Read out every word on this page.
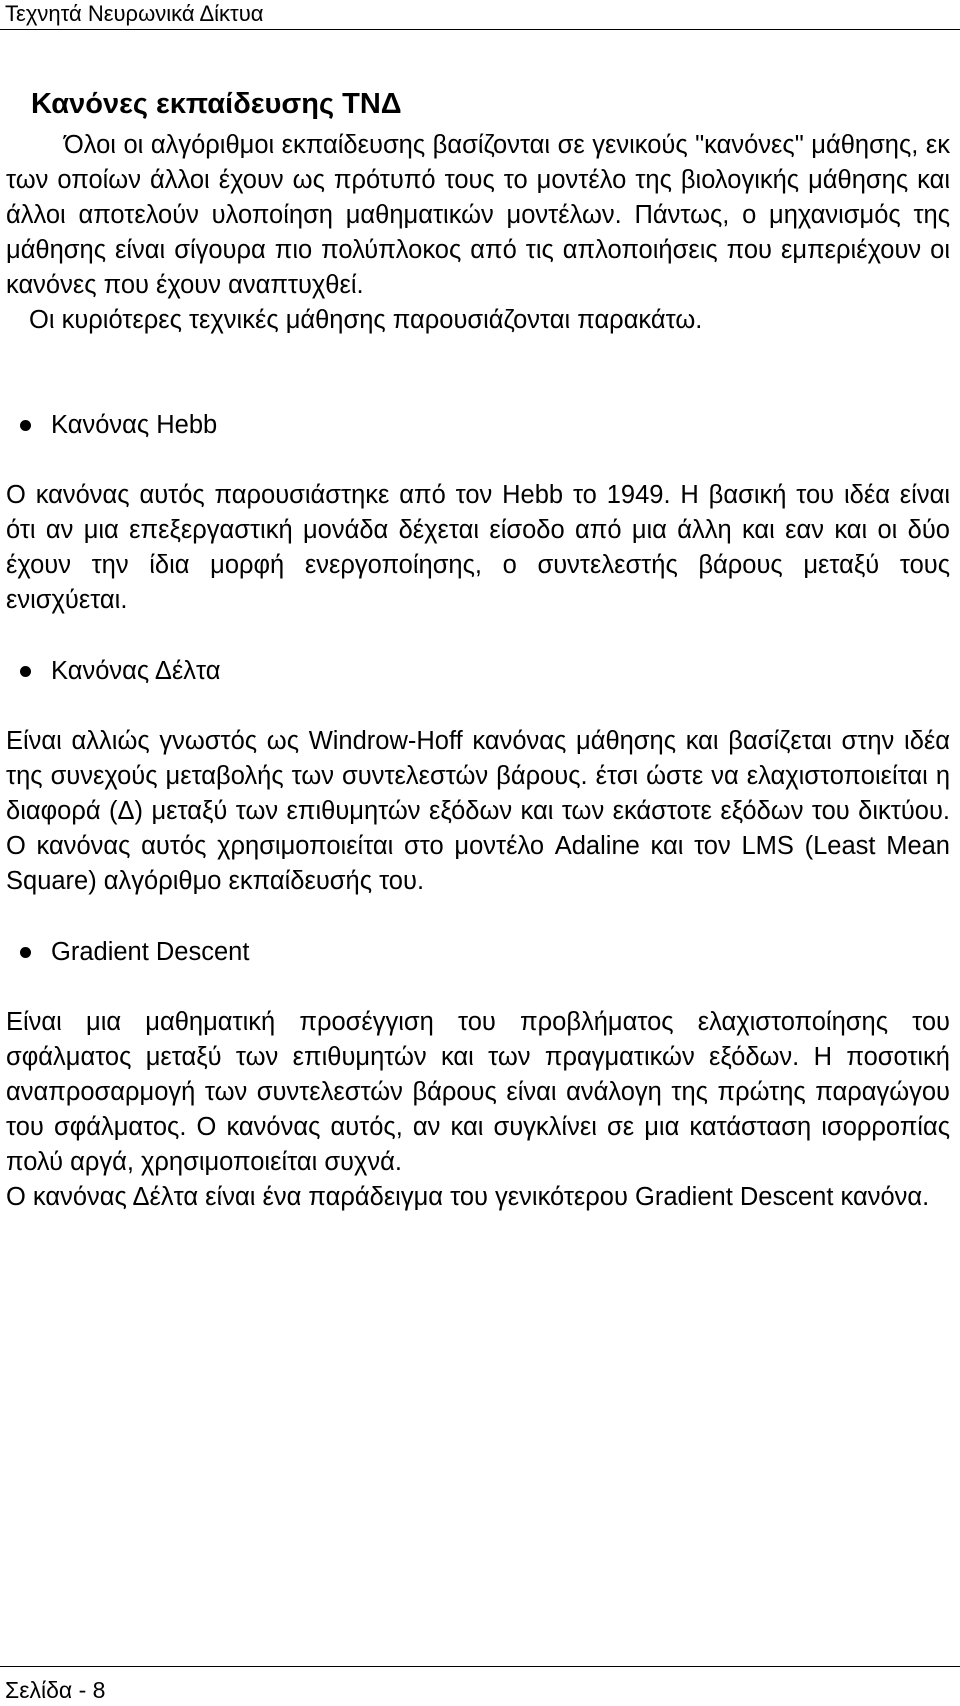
Τεχνητά Νευρωνικά Δίκτυα
Κανόνες εκπαίδευσης ΤΝΔ

Όλοι οι αλγόριθμοι εκπαίδευσης βασίζονται σε γενικούς "κανόνες" μάθησης, εκ των οποίων άλλοι έχουν ως πρότυπό τους το μοντέλο της βιολογικής μάθησης και άλλοι αποτελούν υλοποίηση μαθηματικών μοντέλων. Πάντως, ο μηχανισμός της μάθησης είναι σίγουρα πιο πολύπλοκος από τις απλοποιήσεις που εμπεριέχουν οι κανόνες που έχουν αναπτυχθεί.

Οι κυριότερες τεχνικές μάθησης παρουσιάζονται παρακάτω.
Κανόνας Hebb

Ο κανόνας αυτός παρουσιάστηκε από τον Hebb το 1949. Η βασική του ιδέα είναι ότι αν μια επεξεργαστική μονάδα δέχεται είσοδο από μια άλλη και εαν και οι δύο έχουν την ίδια μορφή ενεργοποίησης, ο συντελεστής βάρους μεταξύ τους ενισχύεται.

Κανόνας Δέλτα

Είναι αλλιώς γνωστός ως Windrow-Hoff κανόνας μάθησης και βασίζεται στην ιδέα της συνεχούς μεταβολής των συντελεστών βάρους. έτσι ώστε να ελαχιστοποιείται η διαφορά (Δ) μεταξύ των επιθυμητών εξόδων και των εκάστοτε εξόδων του δικτύου. Ο κανόνας αυτός χρησιμοποιείται στο μοντέλο Adaline και τον LMS (Least Mean Square) αλγόριθμο εκπαίδευσής του.

Gradient Descent

Είναι μια μαθηματική προσέγγιση του προβλήματος ελαχιστοποίησης του σφάλματος μεταξύ των επιθυμητών και των πραγματικών εξόδων. Η ποσοτική αναπροσαρμογή των συντελεστών βάρους είναι ανάλογη της πρώτης παραγώγου του σφάλματος. Ο κανόνας αυτός, αν και συγκλίνει σε μια κατάσταση ισορροπίας πολύ αργά, χρησιμοποιείται συχνά.

Ο κανόνας Δέλτα είναι ένα παράδειγμα του γενικότερου Gradient Descent κανόνα.

Σελίδα - 8
